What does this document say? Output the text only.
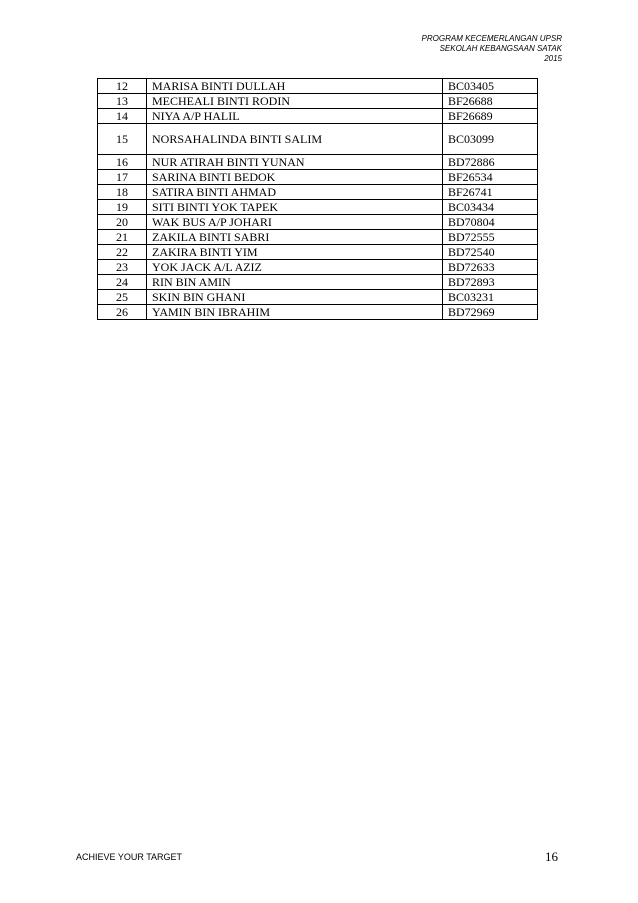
PROGRAM KECEMERLANGAN UPSR
SEKOLAH KEBANGSAAN SATAK
2015
12	MARISA BINTI DULLAH	BC03405
13	MECHEALI BINTI RODIN	BF26688
14	NIYA A/P HALIL	BF26689
15	NORSAHALINDA BINTI SALIM	BC03099
16	NUR ATIRAH BINTI YUNAN	BD72886
17	SARINA BINTI BEDOK	BF26534
18	SATIRA BINTI AHMAD	BF26741
19	SITI BINTI YOK TAPEK	BC03434
20	WAK BUS A/P JOHARI	BD70804
21	ZAKILA BINTI SABRI	BD72555
22	ZAKIRA BINTI YIM	BD72540
23	YOK JACK A/L AZIZ	BD72633
24	RIN BIN AMIN	BD72893
25	SKIN BIN GHANI	BC03231
26	YAMIN BIN IBRAHIM	BD72969
ACHIEVE YOUR TARGET	16
